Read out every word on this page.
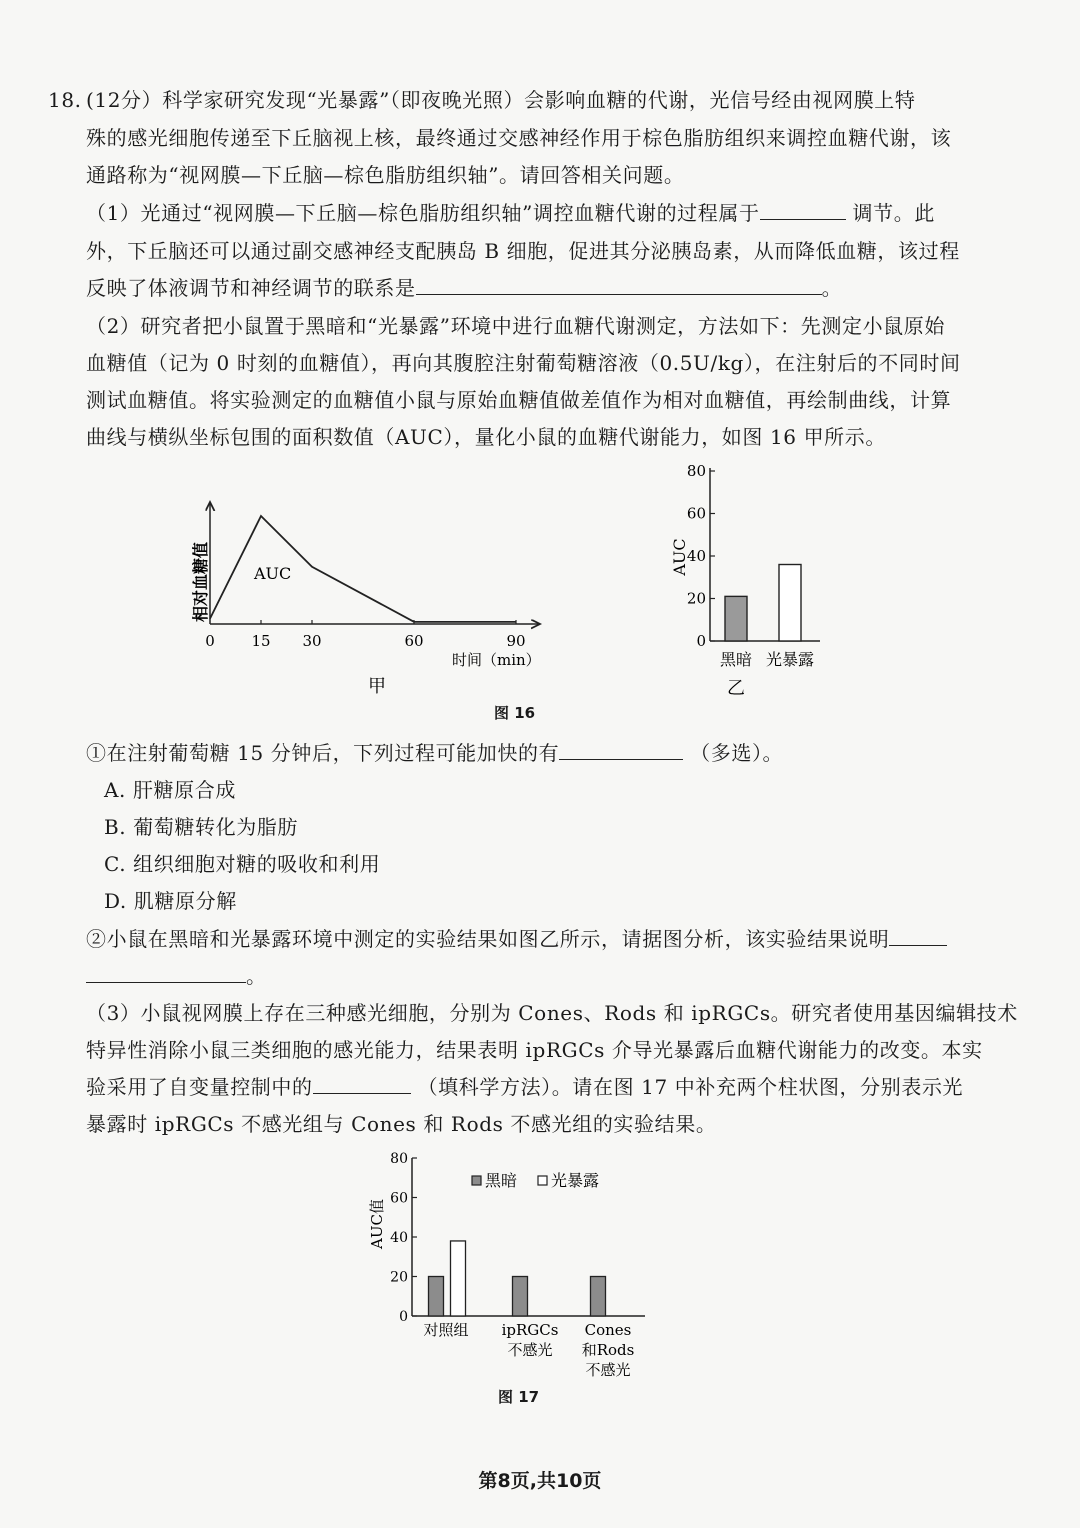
18. (12分）科学家研究发现“光暴露”（即夜晚光照）会影响血糖的代谢，光信号经由视网膜上特
殊的感光细胞传递至下丘脑视上核，最终通过交感神经作用于棕色脂肪组织来调控血糖代谢，该
通路称为“视网膜—下丘脑—棕色脂肪组织轴”。请回答相关问题。
（1）光通过“视网膜—下丘脑—棕色脂肪组织轴”调控血糖代谢的过程属于	调节。此
外，下丘脑还可以通过副交感神经支配胰岛 B 细胞，促进其分泌胰岛素，从而降低血糖，该过程
反映了体液调节和神经调节的联系是	。
（2）研究者把小鼠置于黑暗和“光暴露”环境中进行血糖代谢测定，方法如下：先测定小鼠原始
血糖值（记为 0 时刻的血糖值），再向其腹腔注射葡萄糖溶液（0.5U/kg），在注射后的不同时间
测试血糖值。将实验测定的血糖值小鼠与原始血糖值做差值作为相对血糖值，再绘制曲线，计算
曲线与横纵坐标包围的面积数值（AUC），量化小鼠的血糖代谢能力，如图 16 甲所示。
0 15 30	60	90
AUC
相对血糖值
时间（min）
甲
0
20
40
60
80
黑暗 光暴露
AUC
乙
图 16
①在注射葡萄糖 15 分钟后，下列过程可能加快的有	（多选）。
A. 肝糖原合成
B. 葡萄糖转化为脂肪
C. 组织细胞对糖的吸收和利用
D. 肌糖原分解
②小鼠在黑暗和光暴露环境中测定的实验结果如图乙所示，请据图分析，该实验结果说明
。
（3）小鼠视网膜上存在三种感光细胞，分别为 Cones、Rods 和 ipRGCs。研究者使用基因编辑技术
特异性消除小鼠三类细胞的感光能力，结果表明 ipRGCs 介导光暴露后血糖代谢能力的改变。本实
验采用了自变量控制中的	（填科学方法）。请在图 17 中补充两个柱状图，分别表示光
暴露时 ipRGCs 不感光组与 Cones 和 Rods 不感光组的实验结果。
0
20
40
60
80
对照组 ipRGCs
不感光
Cones
和Rods
不感光
黑暗 光暴露
AUC值
图 17
第8页,共10页
